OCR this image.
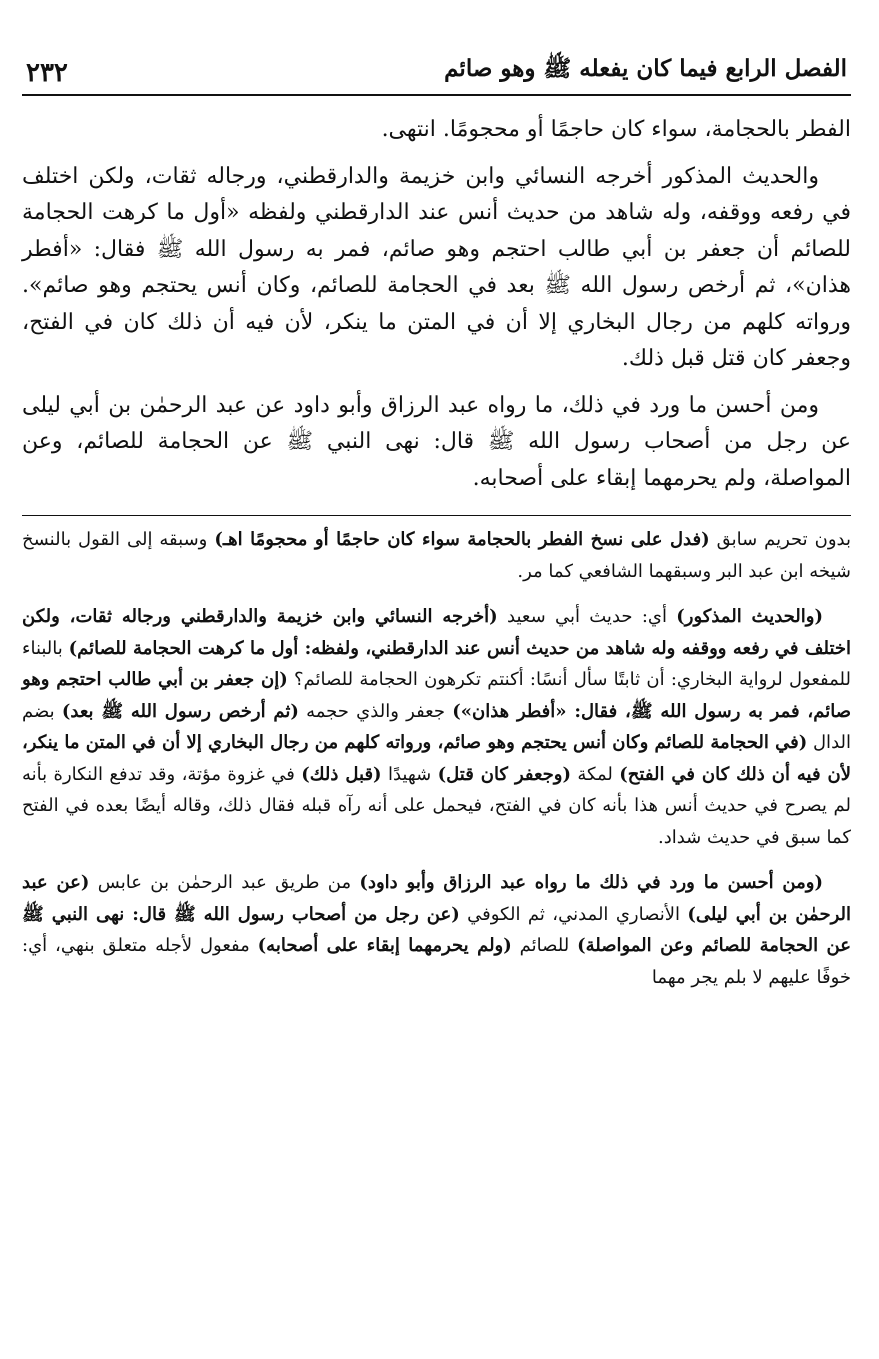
الفصل الرابع فيما كان يفعله ﷺ وهو صائم
٢٣٢

الفطر بالحجامة، سواء كان حاجمًا أو محجومًا. انتهى.

والحديث المذكور أخرجه النسائي وابن خزيمة والدارقطني، ورجاله ثقات، ولكن اختلف في رفعه ووقفه، وله شاهد من حديث أنس عند الدارقطني ولفظه «أول ما كرهت الحجامة للصائم أن جعفر بن أبي طالب احتجم وهو صائم، فمر به رسول الله ﷺ فقال: «أفطر هذان»، ثم أرخص رسول الله ﷺ بعد في الحجامة للصائم، وكان أنس يحتجم وهو صائم». ورواته كلهم من رجال البخاري إلا أن في المتن ما ينكر، لأن فيه أن ذلك كان في الفتح، وجعفر كان قتل قبل ذلك.

ومن أحسن ما ورد في ذلك، ما رواه عبد الرزاق وأبو داود عن عبد الرحمٰن بن أبي ليلى عن رجل من أصحاب رسول الله ﷺ قال: نهى النبي ﷺ عن الحجامة للصائم، وعن المواصلة، ولم يحرمهما إبقاء على أصحابه.

بدون تحريم سابق (فدل على نسخ الفطر بالحجامة سواء كان حاجمًا أو محجومًا اهـ) وسبقه إلى القول بالنسخ شيخه ابن عبد البر وسبقهما الشافعي كما مر.

(والحديث المذكور) أي: حديث أبي سعيد (أخرجه النسائي وابن خزيمة والدارقطني ورجاله ثقات، ولكن اختلف في رفعه ووقفه وله شاهد من حديث أنس عند الدارقطني، ولفظه: أول ما كرهت الحجامة للصائم) بالبناء للمفعول لرواية البخاري: أن ثابتًا سأل أنسًا: أكنتم تكرهون الحجامة للصائم؟ (إن جعفر بن أبي طالب احتجم وهو صائم، فمر به رسول الله ﷺ، فقال: «أفطر هذان») جعفر والذي حجمه (ثم أرخص رسول الله ﷺ بعد) بضم الدال (في الحجامة للصائم وكان أنس يحتجم وهو صائم، ورواته كلهم من رجال البخاري إلا أن في المتن ما ينكر، لأن فيه أن ذلك كان في الفتح) لمكة (وجعفر كان قتل) شهيدًا (قبل ذلك) في غزوة مؤتة، وقد تدفع النكارة بأنه لم يصرح في حديث أنس هذا بأنه كان في الفتح، فيحمل على أنه رآه قبله فقال ذلك، وقاله أيضًا بعده في الفتح كما سبق في حديث شداد.

(ومن أحسن ما ورد في ذلك ما رواه عبد الرزاق وأبو داود) من طريق عبد الرحمٰن بن عابس (عن عبد الرحمٰن بن أبي ليلى) الأنصاري المدني، ثم الكوفي (عن رجل من أصحاب رسول الله ﷺ قال: نهى النبي ﷺ عن الحجامة للصائم وعن المواصلة) للصائم (ولم يحرمهما إبقاء على أصحابه) مفعول لأجله متعلق بنهي، أي: خوفًا عليهم لا بلم يجر مهما
